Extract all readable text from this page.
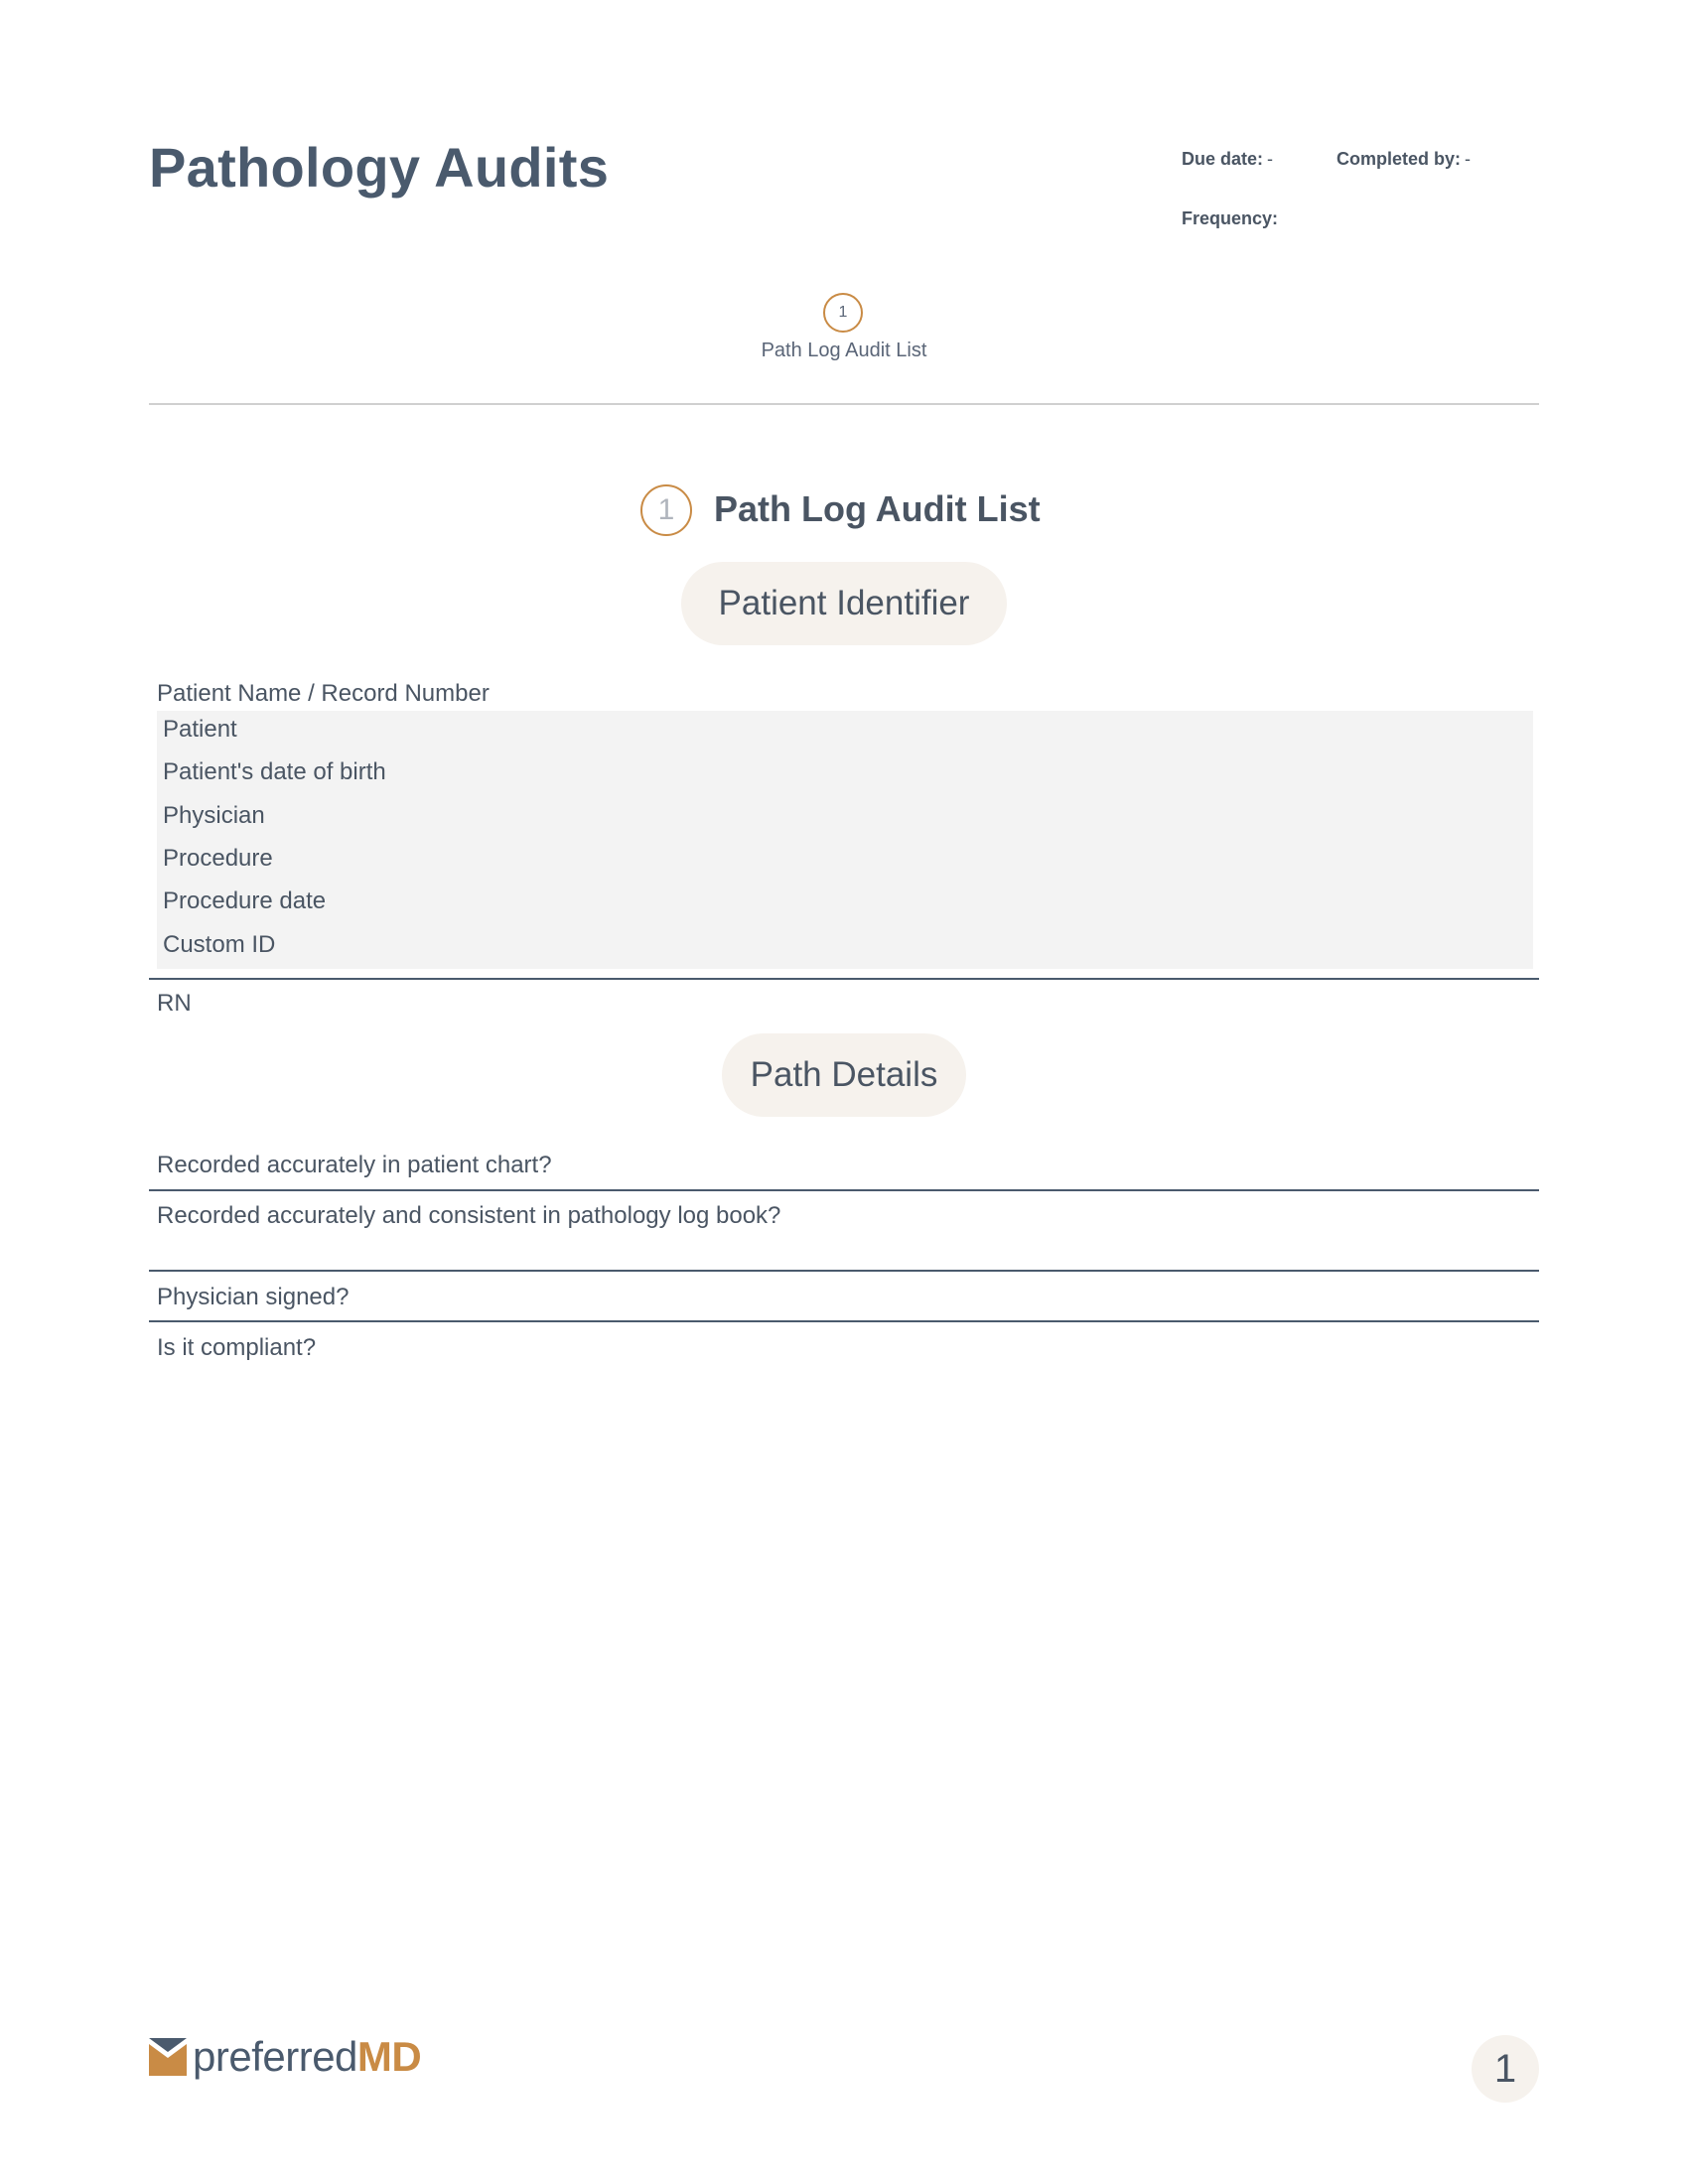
Pathology Audits	Due date: -	Completed by: -
Frequency:
1
Path Log Audit List
1	Path Log Audit List
Patient Identifier
Patient Name / Record Number
Patient
Patient's date of birth
Physician
Procedure
Procedure date
Custom ID
RN
Path Details
Recorded accurately in patient chart?
Recorded accurately and consistent in pathology log book?
Physician signed?
Is it compliant?
preferredMD	1
